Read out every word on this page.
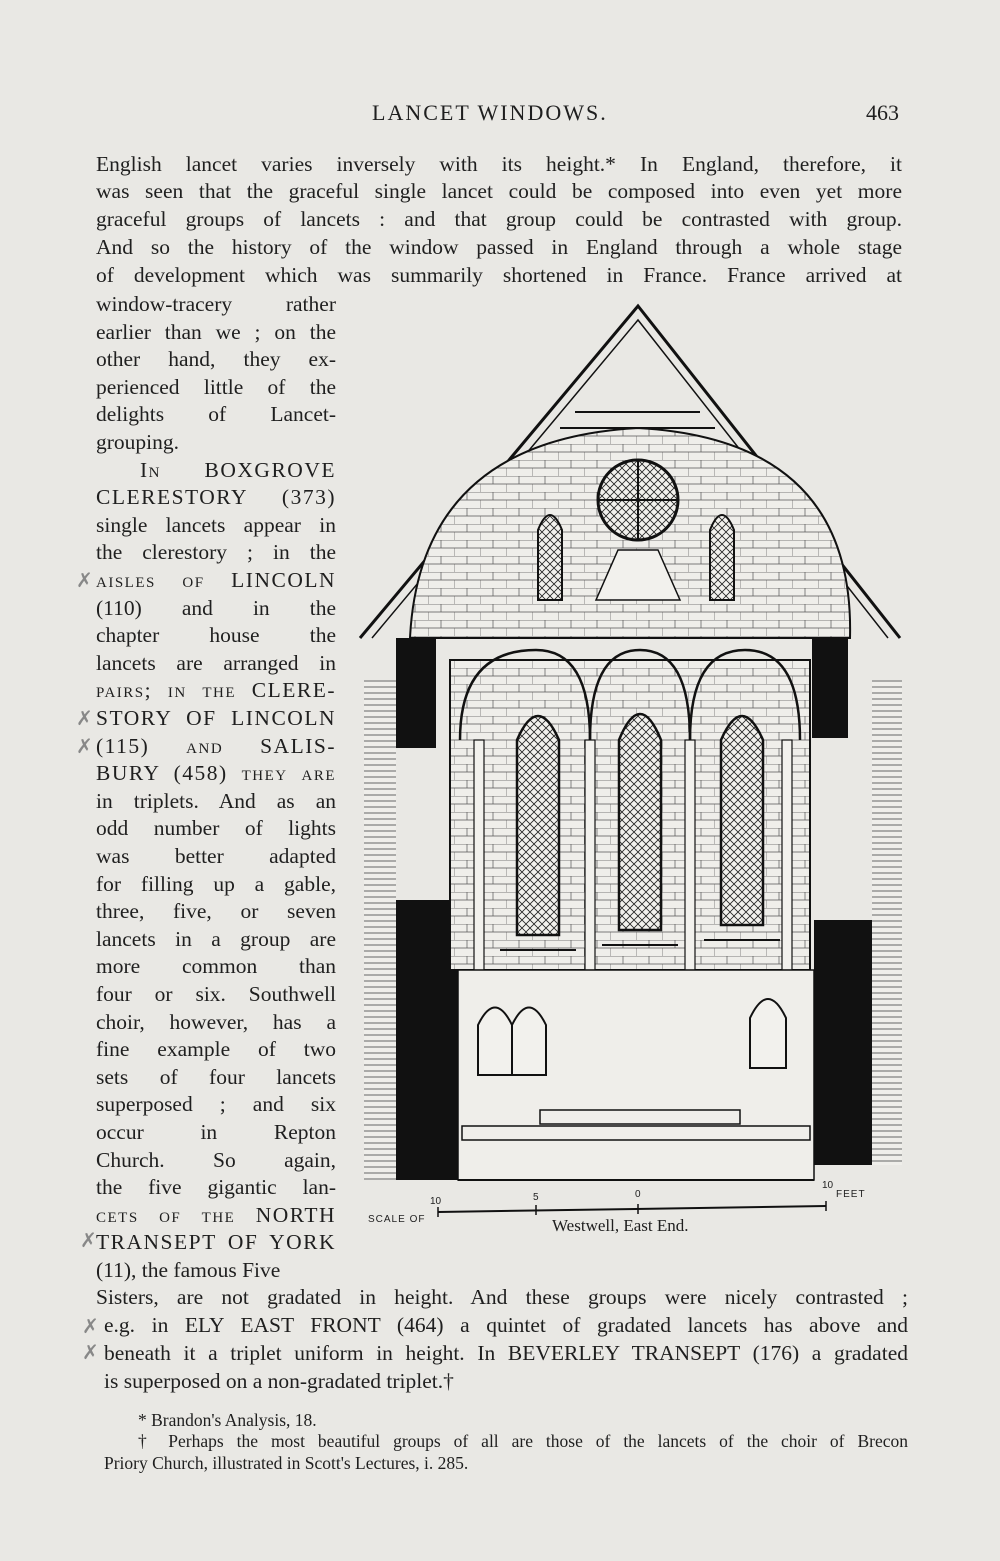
LANCET WINDOWS.	463
English lancet varies inversely with its height.* In England, therefore, it
was seen that the graceful single lancet could be composed into even yet more
graceful groups of lancets : and that group could be contrasted with group.
And so the history of the window passed in England through a whole stage
of development which was summarily shortened in France. France arrived at
window-tracery rather
earlier than we ; on the
other hand, they ex-
perienced little of the
delights of Lancet-
grouping.
In BOXGROVE
CLERESTORY (373)
single lancets appear in
the clerestory ; in the
aisles of LINCOLN
(110) and in the
chapter house the
lancets are arranged in
pairs; in the CLERE-
STORY OF LINCOLN
(115) and SALIS-
BURY (458) they are
in triplets. And as an
odd number of lights
was better adapted
for filling up a gable,
three, five, or seven
lancets in a group are
more common than
four or six. Southwell
choir, however, has a
fine example of two
sets of four lancets
superposed ; and six
occur in Repton
Church. So again,
the five gigantic lan-
cets of the NORTH
TRANSEPT OF YORK
(11), the famous Five
Sisters, are not gradated in height. And these groups were nicely contrasted ;
e.g. in ELY EAST FRONT (464) a quintet of gradated lancets has above and
beneath it a triplet uniform in height. In BEVERLEY TRANSEPT (176) a gradated
is superposed on a non-gradated triplet.†
* Brandon's Analysis, 18.
† Perhaps the most beautiful groups of all are those of the lancets of the choir of Brecon
Priory Church, illustrated in Scott's Lectures, i. 285.
✗
✗
✗
✗
✗
✗
SCALE OF
10	5	0
10
FEET
Westwell, East End.
